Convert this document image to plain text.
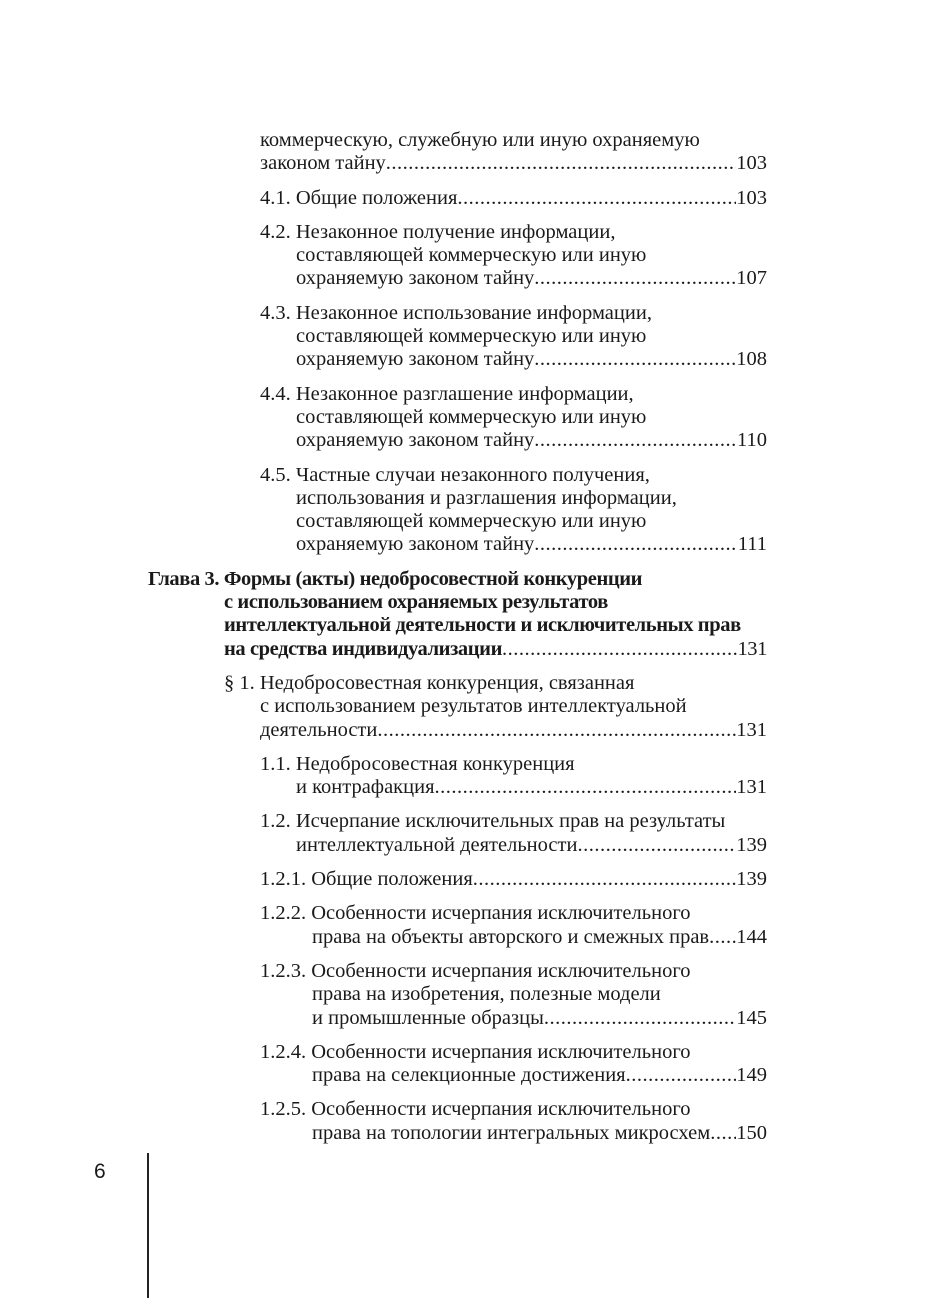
коммерческую, служебную или иную охраняемую
законом тайну .....	103
4.1. Общие положения .....	103
4.2. Незаконное получение информации,
составляющей коммерческую или иную
охраняемую законом тайну .....	107
4.3. Незаконное использование информации,
составляющей коммерческую или иную
охраняемую законом тайну .....	108
4.4. Незаконное разглашение информации,
составляющей коммерческую или иную
охраняемую законом тайну .....	110
4.5. Частные случаи незаконного получения,
использования и разглашения информации,
составляющей коммерческую или иную
охраняемую законом тайну .....	111
Глава 3. Формы (акты) недобросовестной конкуренции
с использованием охраняемых результатов
интеллектуальной деятельности и исключительных прав
на средства индивидуализации .....	131
§ 1. Недобросовестная конкуренция, связанная
с использованием результатов интеллектуальной
деятельности .....	131
1.1. Недобросовестная конкуренция
и контрафакция .....	131
1.2. Исчерпание исключительных прав на результаты
интеллектуальной деятельности .....	139
1.2.1. Общие положения .....	139
1.2.2. Особенности исчерпания исключительного
права на объекты авторского и смежных прав ..... 144
1.2.3. Особенности исчерпания исключительного
права на изобретения, полезные модели
и промышленные образцы .....	145
1.2.4. Особенности исчерпания исключительного
права на селекционные достижения .....	149
1.2.5. Особенности исчерпания исключительного
права на топологии интегральных микросхем ..... 150
6
